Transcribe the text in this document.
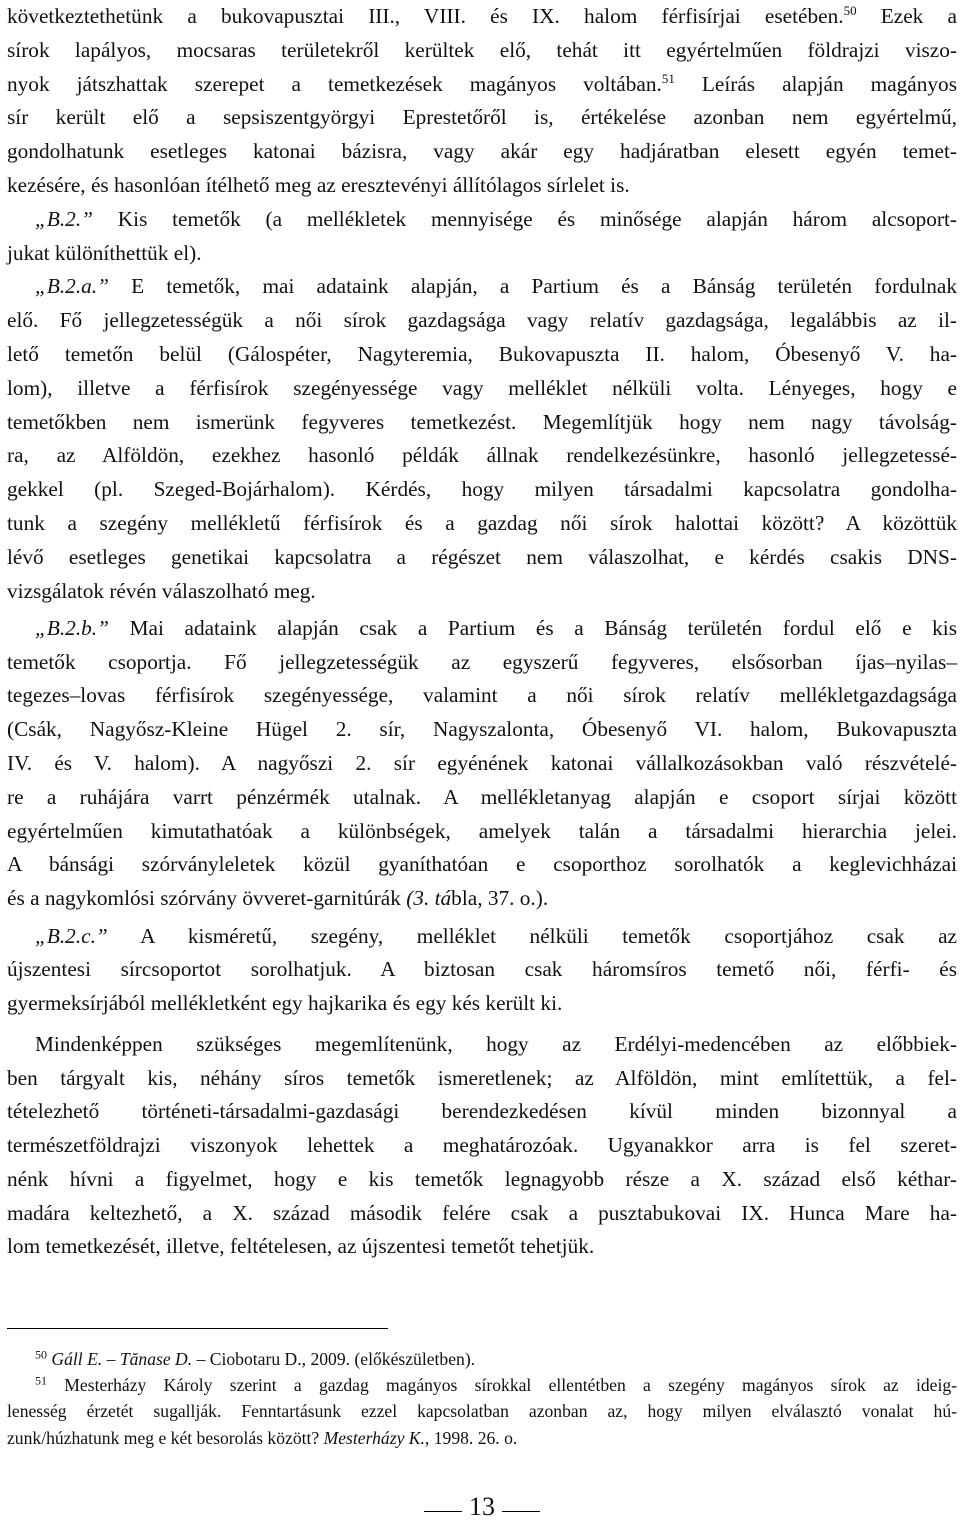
következtethetünk a bukovapusztai III., VIII. és IX. halom férfisírjai esetében.$^{50}$ Ezek a
sírok lapályos, mocsaras területekről kerültek elő, tehát itt egyértelműen földrajzi viszo-
nyok játszhattak szerepet a temetkezések magányos voltában.$^{51}$ Leírás alapján magányos
sír került elő a sepsiszentgyörgyi Eprestetőről is, értékelése azonban nem egyértelmű,
gondolhatunk esetleges katonai bázisra, vagy akár egy hadjáratban elesett egyén temet-
kezésére, és hasonlóan ítélhető meg az eresztevényi állítólagos sírlelet is.
„B.2.” Kis temetők (a mellékletek mennyisége és minősége alapján három alcsoport-
jukat különíthettük el).
„B.2.a.” E temetők, mai adataink alapján, a Partium és a Bánság területén fordulnak
elő. Fő jellegzetességük a női sírok gazdagsága vagy relatív gazdagsága, legalábbis az il-
lető temetőn belül (Gálospéter, Nagyteremia, Bukovapuszta II. halom, Óbesenyő V. ha-
lom), illetve a férfisírok szegényessége vagy melléklet nélküli volta. Lényeges, hogy e
temetőkben nem ismerünk fegyveres temetkezést. Megemlítjük hogy nem nagy távolság-
ra, az Alföldön, ezekhez hasonló példák állnak rendelkezésünkre, hasonló jellegzetessé-
gekkel (pl. Szeged-Bojárhalom). Kérdés, hogy milyen társadalmi kapcsolatra gondolha-
tunk a szegény mellékletű férfisírok és a gazdag női sírok halottai között? A közöttük
lévő esetleges genetikai kapcsolatra a régészet nem válaszolhat, e kérdés csakis DNS-
vizsgálatok révén válaszolható meg.
„B.2.b.” Mai adataink alapján csak a Partium és a Bánság területén fordul elő e kis
temetők csoportja. Fő jellegzetességük az egyszerű fegyveres, elsősorban íjas–nyilas–
tegezes–lovas férfisírok szegényessége, valamint a női sírok relatív mellékletgazdagsága
(Csák, Nagyősz-Kleine Hügel 2. sír, Nagyszalonta, Óbesenyő VI. halom, Bukovapuszta
IV. és V. halom). A nagyőszi 2. sír egyénének katonai vállalkozásokban való részvételé-
re a ruhájára varrt pénzérmék utalnak. A mellékletanyag alapján e csoport sírjai között
egyértelműen kimutathatóak a különbségek, amelyek talán a társadalmi hierarchia jelei.
A bánsági szórványleletek közül gyaníthatóan e csoporthoz sorolhatók a keglevichházai
és a nagykomlósi szórvány övveret-garnitúrák (3. tábla, 37. o.).
„B.2.c.” A kisméretű, szegény, melléklet nélküli temetők csoportjához csak az
újszentesi sírcsoportot sorolhatjuk. A biztosan csak háromsíros temető női, férfi- és
gyermeksírjából mellékletként egy hajkarika és egy kés került ki.
Mindenképpen szükséges megemlítenünk, hogy az Erdélyi-medencében az előbbiek-
ben tárgyalt kis, néhány síros temetők ismeretlenek; az Alföldön, mint említettük, a fel-
tételezhető történeti-társadalmi-gazdasági berendezkedésen kívül minden bizonnyal a
természetföldrajzi viszonyok lehettek a meghatározóak. Ugyanakkor arra is fel szeret-
nénk hívni a figyelmet, hogy e kis temetők legnagyobb része a X. század első kéthar-
madára keltezhető, a X. század második felére csak a pusztabukovai IX. Hunca Mare ha-
lom temetkezését, illetve, feltételesen, az újszentesi temetőt tehetjük.
$^{50}$ Gáll E. – Tănase D. – Ciobotaru D., 2009. (előkészületben).
$^{51}$ Mesterházy Károly szerint a gazdag magányos sírokkal ellentétben a szegény magányos sírok az ideig-
lenesség érzetét sugallják. Fenntartásunk ezzel kapcsolatban azonban az, hogy milyen elválasztó vonalat hú-
zunk/húzhatunk meg e két besorolás között? Mesterházy K., 1998. 26. o.
13
